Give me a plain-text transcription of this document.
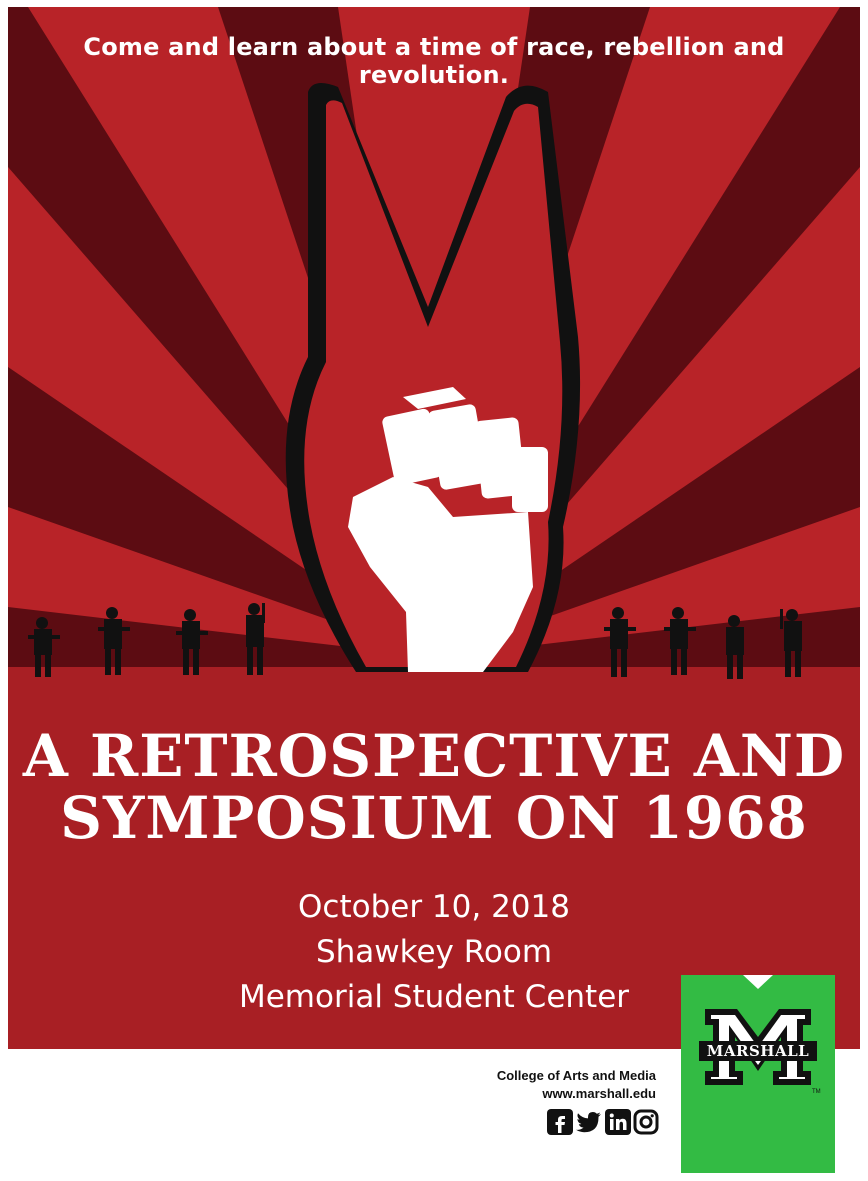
Come and learn about a time of race, rebellion and revolution.
A RETROSPECTIVE AND
SYMPOSIUM ON 1968
October 10, 2018
Shawkey Room
Memorial Student Center
College of Arts and Media
www.marshall.edu
MARSHALL
TM
